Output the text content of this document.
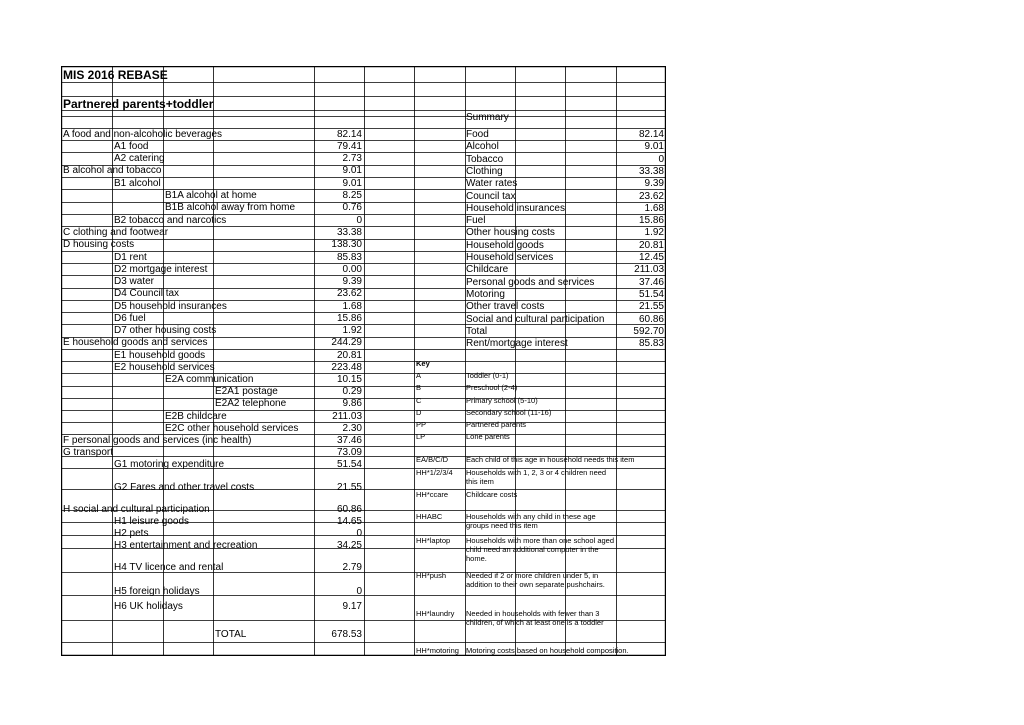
MIS 2016 REBASE
Partnered parents+toddler
Summary
Key
A food and non-alcoholic beverages	82.14
A1 food	79.41
A2 catering	2.73
B alcohol and tobacco	9.01
B1 alcohol	9.01
B1A alcohol at home	8.25
B1B alcohol away from home	0.76
B2 tobacco and narcotics	0
C clothing and footwear	33.38
D housing costs	138.30
D1 rent	85.83
D2 mortgage interest	0.00
D3 water	9.39
D4 Council tax	23.62
D5 household insurances	1.68
D6 fuel	15.86
D7 other housing costs	1.92
E household goods and services	244.29
E1 household goods	20.81
E2 household services	223.48
E2A communication	10.15
E2A1 postage	0.29
E2A2 telephone	9.86
E2B childcare	211.03
E2C other household services	2.30
F personal goods and services (inc health)	37.46
G transport	73.09
G1 motoring expenditure	51.54
G2 Fares and other travel costs	21.55
H social and cultural participation	60.86
H1 leisure goods	14.65
H2 pets	0
H3 entertainment and recreation	34.25
H4 TV licence and rental	2.79
H5 foreign holidays	0
H6 UK holidays	9.17
TOTAL	678.53
Food	82.14
Alcohol	9.01
Tobacco	0
Clothing	33.38
Water rates	9.39
Council tax	23.62
Household insurances	1.68
Fuel	15.86
Other housing costs	1.92
Household goods	20.81
Household services	12.45
Childcare	211.03
Personal goods and services	37.46
Motoring	51.54
Other travel costs	21.55
Social and cultural participation	60.86
Total	592.70
Rent/mortgage interest	85.83
A	Toddler (0-1)
B	Preschool (2-4)
C	Primary school (5-10)
D	Secondary school (11-16)
PP	Partnered parents
LP	Lone parents
EA/B/C/D Each child of this age in household needs this item
HH*1/2/3/4 Households with 1, 2, 3 or 4 children need this item
HH*ccare Childcare costs
HHABC	Households with any child in these age groups need this item
HH*laptop Households with more than one school aged child need an additional computer in the home.
HH*push	Needed if 2 or more children under 5, in addition to their own separate pushchairs.
HH*laundry Needed in households with fewer than 3 children, of which at least one is a toddler
HH*motoring Motoring costs based on household composition.
